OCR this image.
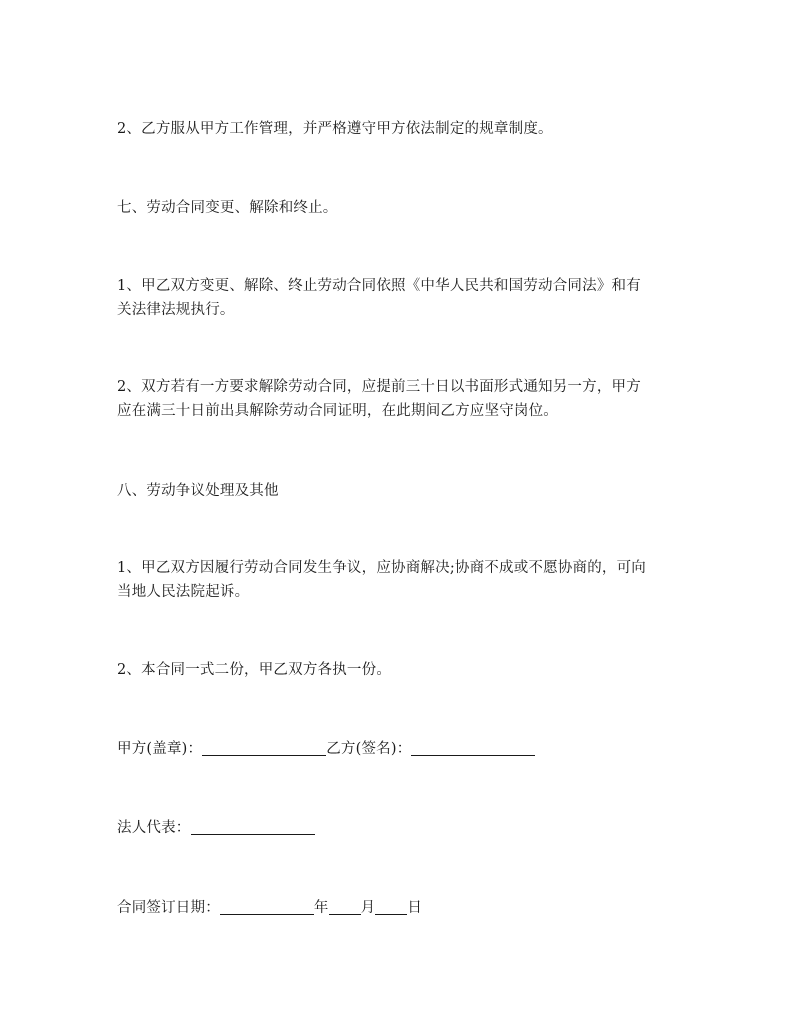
2、乙方服从甲方工作管理，并严格遵守甲方依法制定的规章制度。
七、劳动合同变更、解除和终止。
1、甲乙双方变更、解除、终止劳动合同依照《中华人民共和国劳动合同法》和有
关法律法规执行。
2、双方若有一方要求解除劳动合同，应提前三十日以书面形式通知另一方，甲方
应在满三十日前出具解除劳动合同证明，在此期间乙方应坚守岗位。
八、劳动争议处理及其他
1、甲乙双方因履行劳动合同发生争议，应协商解决;协商不成或不愿协商的，可向
当地人民法院起诉。
2、本合同一式二份，甲乙双方各执一份。
甲方(盖章)：	乙方(签名)：
法人代表：
合同签订日期：	年 月 日
